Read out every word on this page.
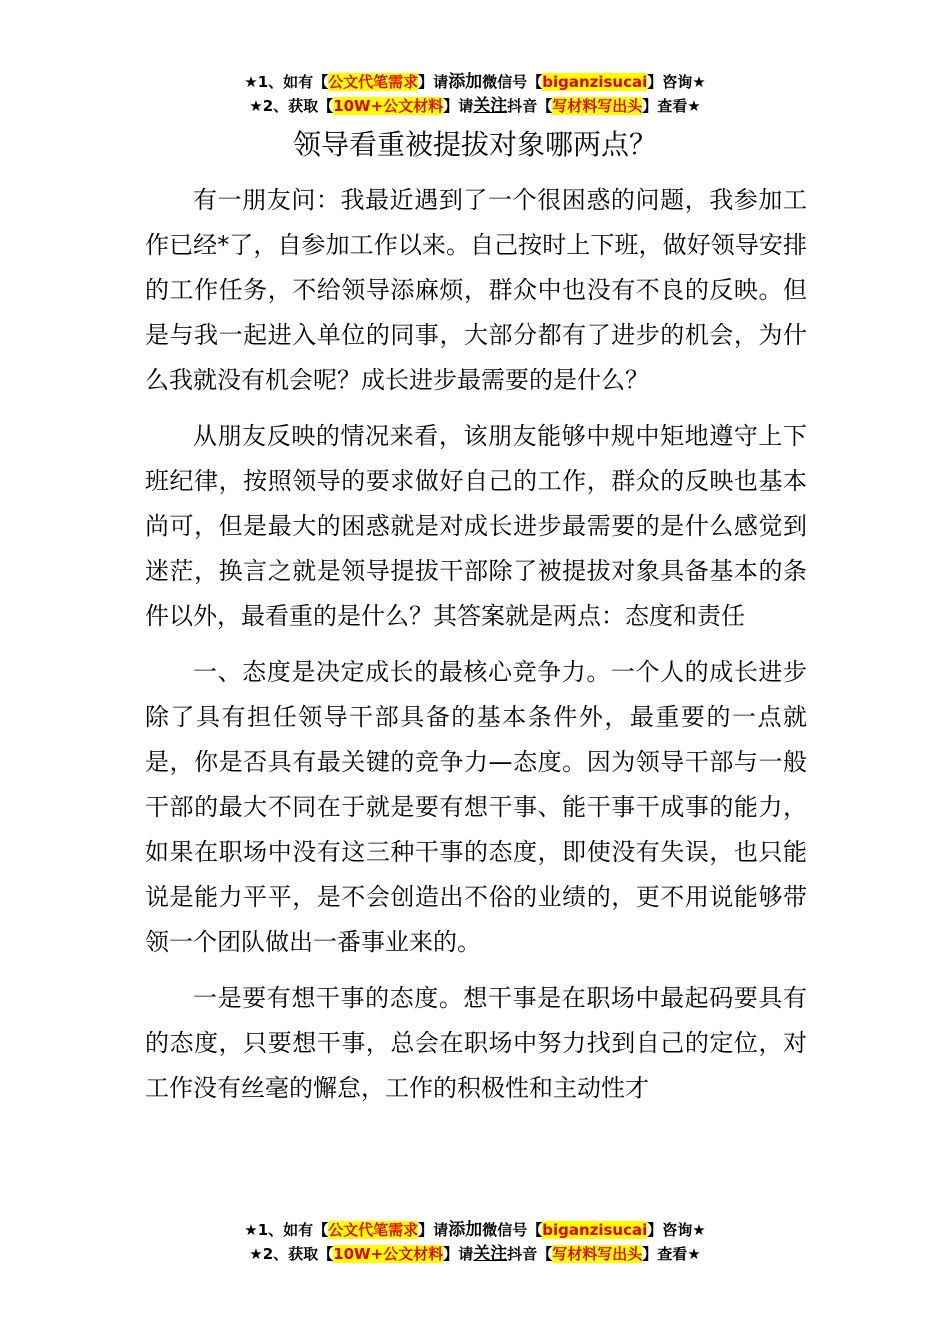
★1、如有【公文代笔需求】请添加微信号【biganzisucai】咨询★
★2、获取【10W+公文材料】请关注抖音【写材料写出头】查看★
领导看重被提拔对象哪两点？

有一朋友问：我最近遇到了一个很困惑的问题，我参加工作已经*了，自参加工作以来。自己按时上下班，做好领导安排的工作任务，不给领导添麻烦，群众中也没有不良的反映。但是与我一起进入单位的同事，大部分都有了进步的机会，为什么我就没有机会呢？成长进步最需要的是什么？

从朋友反映的情况来看，该朋友能够中规中矩地遵守上下班纪律，按照领导的要求做好自己的工作，群众的反映也基本尚可，但是最大的困惑就是对成长进步最需要的是什么感觉到迷茫，换言之就是领导提拔干部除了被提拔对象具备基本的条件以外，最看重的是什么？其答案就是两点：态度和责任

一、态度是决定成长的最核心竞争力。一个人的成长进步除了具有担任领导干部具备的基本条件外，最重要的一点就是，你是否具有最关键的竞争力—态度。因为领导干部与一般干部的最大不同在于就是要有想干事、能干事干成事的能力，如果在职场中没有这三种干事的态度，即使没有失误，也只能说是能力平平，是不会创造出不俗的业绩的，更不用说能够带领一个团队做出一番事业来的。

一是要有想干事的态度。想干事是在职场中最起码要具有的态度，只要想干事，总会在职场中努力找到自己的定位，对工作没有丝毫的懈怠，工作的积极性和主动性才

★1、如有【公文代笔需求】请添加微信号【biganzisucai】咨询★
★2、获取【10W+公文材料】请关注抖音【写材料写出头】查看★
